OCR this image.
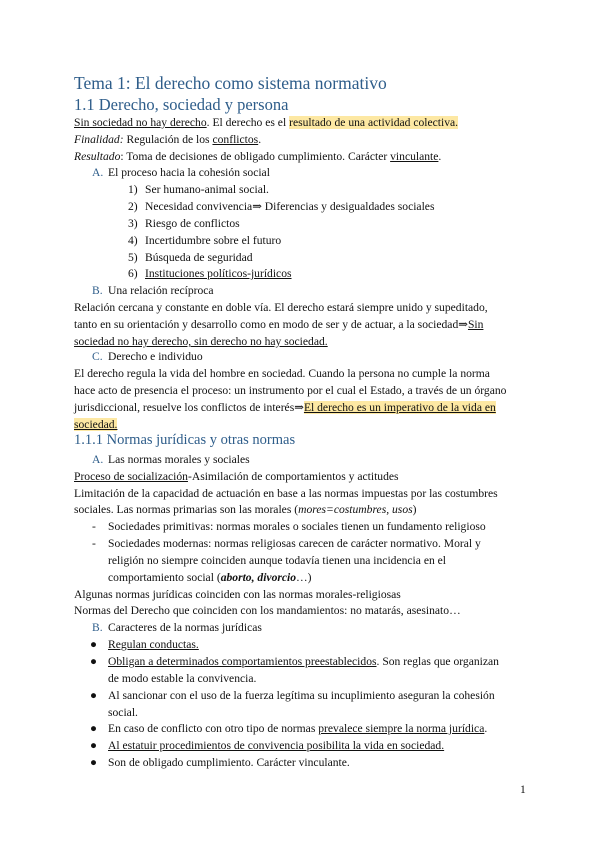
Tema 1: El derecho como sistema normativo
1.1 Derecho, sociedad y persona
Sin sociedad no hay derecho. El derecho es el resultado de una actividad colectiva.
Finalidad: Regulación de los conflictos.
Resultado: Toma de decisiones de obligado cumplimiento. Carácter vinculante.
A. El proceso hacia la cohesión social
1) Ser humano-animal social.
2) Necesidad convivencia⇒ Diferencias y desigualdades sociales
3) Riesgo de conflictos
4) Incertidumbre sobre el futuro
5) Búsqueda de seguridad
6) Instituciones políticos-jurídicos
B. Una relación recíproca
Relación cercana y constante en doble vía. El derecho estará siempre unido y supeditado,
tanto en su orientación y desarrollo como en modo de ser y de actuar, a la sociedad⇒Sin
sociedad no hay derecho, sin derecho no hay sociedad.
C. Derecho e individuo
El derecho regula la vida del hombre en sociedad. Cuando la persona no cumple la norma
hace acto de presencia el proceso: un instrumento por el cual el Estado, a través de un órgano
jurisdiccional, resuelve los conflictos de interés⇒El derecho es un imperativo de la vida en
sociedad.
1.1.1 Normas jurídicas y otras normas
A. Las normas morales y sociales
Proceso de socialización-Asimilación de comportamientos y actitudes
Limitación de la capacidad de actuación en base a las normas impuestas por las costumbres
sociales. Las normas primarias son las morales (mores=costumbres, usos)
- Sociedades primitivas: normas morales o sociales tienen un fundamento religioso
- Sociedades modernas: normas religiosas carecen de carácter normativo. Moral y
religión no siempre coinciden aunque todavía tienen una incidencia en el
comportamiento social (aborto, divorcio…)
Algunas normas jurídicas coinciden con las normas morales-religiosas
Normas del Derecho que coinciden con los mandamientos: no matarás, asesinato…
B. Caracteres de la normas jurídicas
● Regulan conductas.
● Obligan a determinados comportamientos preestablecidos. Son reglas que organizan
de modo estable la convivencia.
● Al sancionar con el uso de la fuerza legítima su incuplimiento aseguran la cohesión
social.
● En caso de conflicto con otro tipo de normas prevalece siempre la norma jurídica.
● Al estatuir procedimientos de convivencia posibilita la vida en sociedad.
● Son de obligado cumplimiento. Carácter vinculante.
1
